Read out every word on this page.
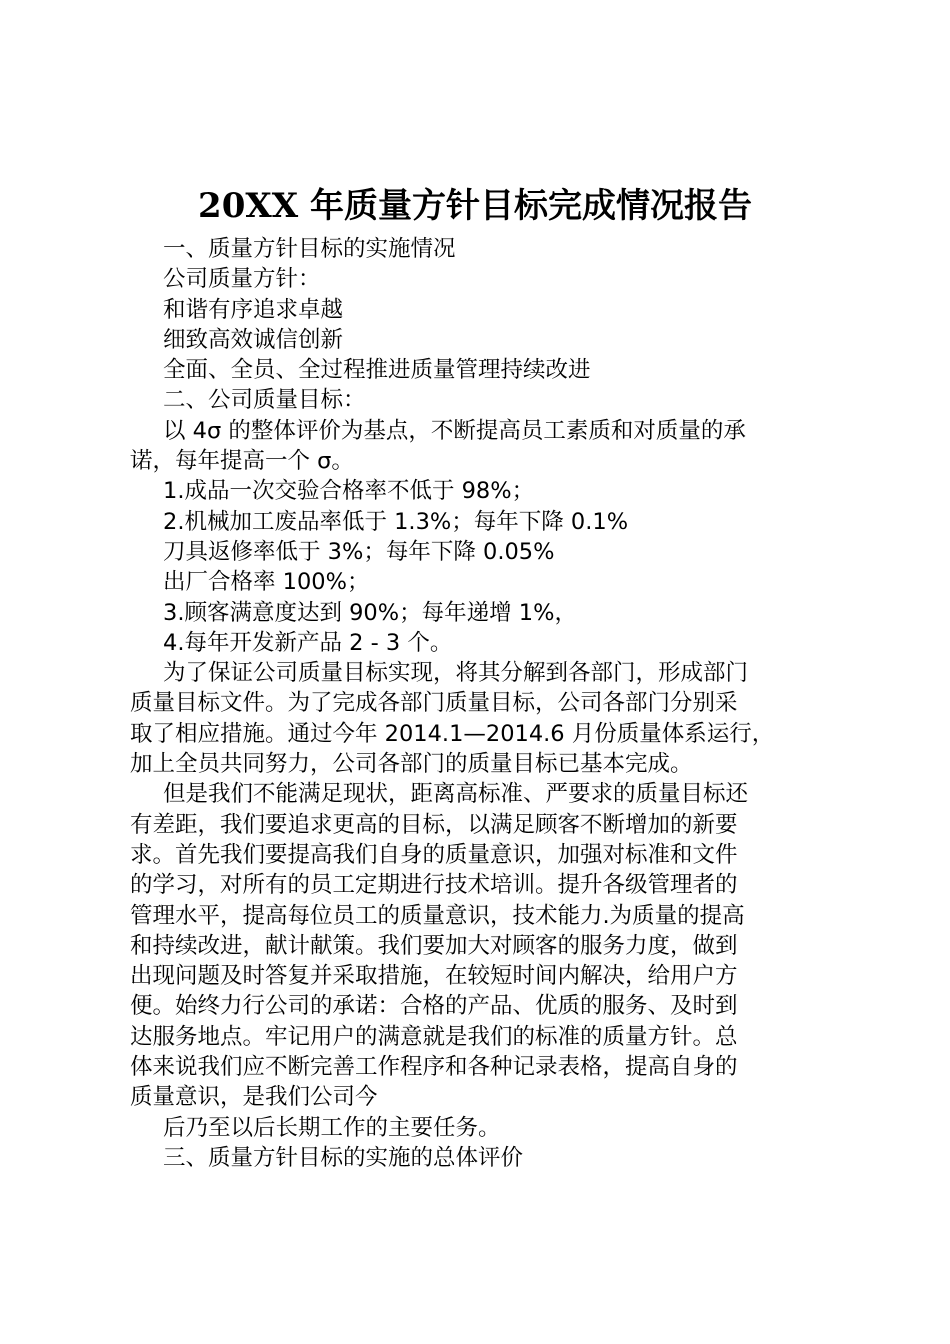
20XX 年质量方针目标完成情况报告

一、质量方针目标的实施情况

公司质量方针：

和谐有序追求卓越

细致高效诚信创新

全面、全员、全过程推进质量管理持续改进

二、公司质量目标：

以 4σ 的整体评价为基点，不断提高员工素质和对质量的承
诺，每年提高一个 σ。

1.成品一次交验合格率不低于 98%；

2.机械加工废品率低于 1.3%；每年下降 0.1%

刀具返修率低于 3%；每年下降 0.05%

出厂合格率 100%；

3.顾客满意度达到 90%；每年递增 1%，

4.每年开发新产品 2 - 3 个。

为了保证公司质量目标实现，将其分解到各部门，形成部门
质量目标文件。为了完成各部门质量目标，公司各部门分别采
取了相应措施。通过今年 2014.1—2014.6 月份质量体系运行，
加上全员共同努力，公司各部门的质量目标已基本完成。

但是我们不能满足现状，距离高标准、严要求的质量目标还
有差距，我们要追求更高的目标，以满足顾客不断增加的新要
求。首先我们要提高我们自身的质量意识，加强对标准和文件
的学习，对所有的员工定期进行技术培训。提升各级管理者的
管理水平，提高每位员工的质量意识，技术能力.为质量的提高
和持续改进，献计献策。我们要加大对顾客的服务力度，做到
出现问题及时答复并采取措施，在较短时间内解决，给用户方
便。始终力行公司的承诺：合格的产品、优质的服务、及时到
达服务地点。牢记用户的满意就是我们的标准的质量方针。总
体来说我们应不断完善工作程序和各种记录表格，提高自身的
质量意识，是我们公司今

后乃至以后长期工作的主要任务。

三、质量方针目标的实施的总体评价
